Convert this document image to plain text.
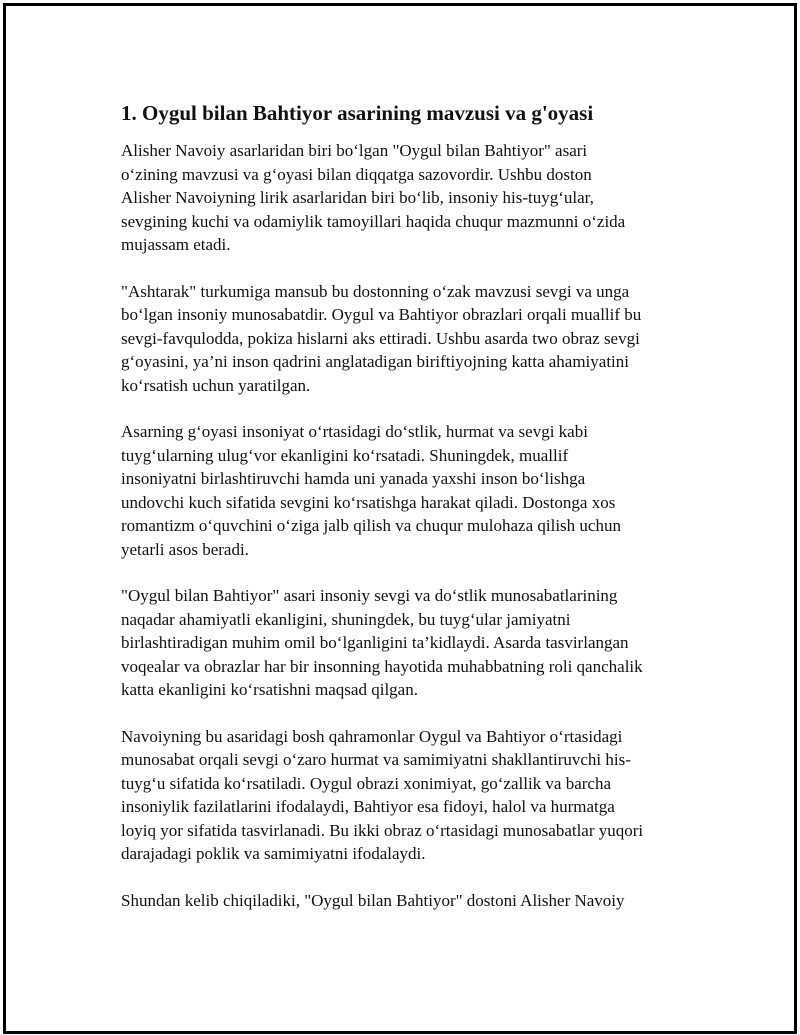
1. Oygul bilan Bahtiyor asarining mavzusi va g'oyasi

Alisher Navoiy asarlaridan biri bo‘lgan "Oygul bilan Bahtiyor" asari
o‘zining mavzusi va g‘oyasi bilan diqqatga sazovordir. Ushbu doston
Alisher Navoiyning lirik asarlaridan biri bo‘lib, insoniy his-tuyg‘ular,
sevgining kuchi va odamiylik tamoyillari haqida chuqur mazmunni o‘zida
mujassam etadi.

"Ashtarak" turkumiga mansub bu dostonning o‘zak mavzusi sevgi va unga
bo‘lgan insoniy munosabatdir. Oygul va Bahtiyor obrazlari orqali muallif bu
sevgi-favqulodda, pokiza hislarni aks ettiradi. Ushbu asarda two obraz sevgi
g‘oyasini, ya’ni inson qadrini anglatadigan biriftiyojning katta ahamiyatini
ko‘rsatish uchun yaratilgan.

Asarning g‘oyasi insoniyat o‘rtasidagi do‘stlik, hurmat va sevgi kabi
tuyg‘ularning ulug‘vor ekanligini ko‘rsatadi. Shuningdek, muallif
insoniyatni birlashtiruvchi hamda uni yanada yaxshi inson bo‘lishga
undovchi kuch sifatida sevgini ko‘rsatishga harakat qiladi. Dostonga xos
romantizm o‘quvchini o‘ziga jalb qilish va chuqur mulohaza qilish uchun
yetarli asos beradi.

"Oygul bilan Bahtiyor" asari insoniy sevgi va do‘stlik munosabatlarining
naqadar ahamiyatli ekanligini, shuningdek, bu tuyg‘ular jamiyatni
birlashtiradigan muhim omil bo‘lganligini ta’kidlaydi. Asarda tasvirlangan
voqealar va obrazlar har bir insonning hayotida muhabbatning roli qanchalik
katta ekanligini ko‘rsatishni maqsad qilgan.

Navoiyning bu asaridagi bosh qahramonlar Oygul va Bahtiyor o‘rtasidagi
munosabat orqali sevgi o‘zaro hurmat va samimiyatni shakllantiruvchi his-
tuyg‘u sifatida ko‘rsatiladi. Oygul obrazi xonimiyat, go‘zallik va barcha
insoniylik fazilatlarini ifodalaydi, Bahtiyor esa fidoyi, halol va hurmatga
loyiq yor sifatida tasvirlanadi. Bu ikki obraz o‘rtasidagi munosabatlar yuqori
darajadagi poklik va samimiyatni ifodalaydi.

Shundan kelib chiqiladiki, "Oygul bilan Bahtiyor" dostoni Alisher Navoiy
